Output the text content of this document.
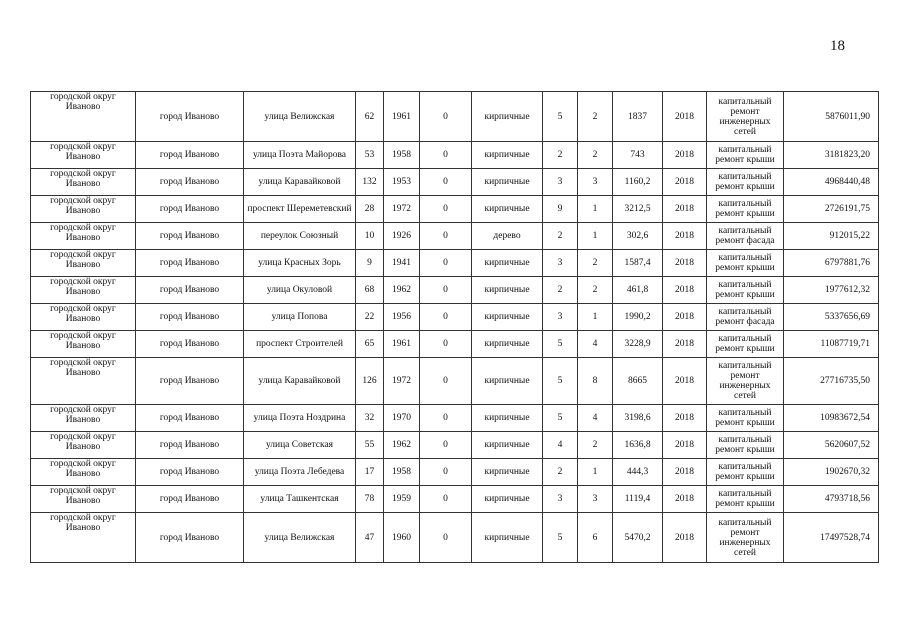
18
городской округ Иваново	город Иваново	улица Велижская	62	1961	0	кирпичные	5	2	1837	2018	капитальный ремонт инженерных сетей	5876011,90
городской округ Иваново	город Иваново	улица Поэта Майорова	53	1958	0	кирпичные	2	2	743	2018	капитальный ремонт крыши	3181823,20
городской округ Иваново	город Иваново	улица Каравайковой	132	1953	0	кирпичные	3	3	1160,2	2018	капитальный ремонт крыши	4968440,48
городской округ Иваново	город Иваново	проспект Шереметевский	28	1972	0	кирпичные	9	1	3212,5	2018	капитальный ремонт крыши	2726191,75
городской округ Иваново	город Иваново	переулок Союзный	10	1926	0	дерево	2	1	302,6	2018	капитальный ремонт фасада	912015,22
городской округ Иваново	город Иваново	улица Красных Зорь	9	1941	0	кирпичные	3	2	1587,4	2018	капитальный ремонт крыши	6797881,76
городской округ Иваново	город Иваново	улица Окуловой	68	1962	0	кирпичные	2	2	461,8	2018	капитальный ремонт крыши	1977612,32
городской округ Иваново	город Иваново	улица Попова	22	1956	0	кирпичные	3	1	1990,2	2018	капитальный ремонт фасада	5337656,69
городской округ Иваново	город Иваново	проспект Строителей	65	1961	0	кирпичные	5	4	3228,9	2018	капитальный ремонт крыши	11087719,71
городской округ Иваново	город Иваново	улица Каравайковой	126	1972	0	кирпичные	5	8	8665	2018	капитальный ремонт инженерных сетей	27716735,50
городской округ Иваново	город Иваново	улица Поэта Ноздрина	32	1970	0	кирпичные	5	4	3198,6	2018	капитальный ремонт крыши	10983672,54
городской округ Иваново	город Иваново	улица Советская	55	1962	0	кирпичные	4	2	1636,8	2018	капитальный ремонт крыши	5620607,52
городской округ Иваново	город Иваново	улица Поэта Лебедева	17	1958	0	кирпичные	2	1	444,3	2018	капитальный ремонт крыши	1902670,32
городской округ Иваново	город Иваново	улица Ташкентская	78	1959	0	кирпичные	3	3	1119,4	2018	капитальный ремонт крыши	4793718,56
городской округ Иваново	город Иваново	улица Велижская	47	1960	0	кирпичные	5	6	5470,2	2018	капитальный ремонт инженерных сетей	17497528,74
